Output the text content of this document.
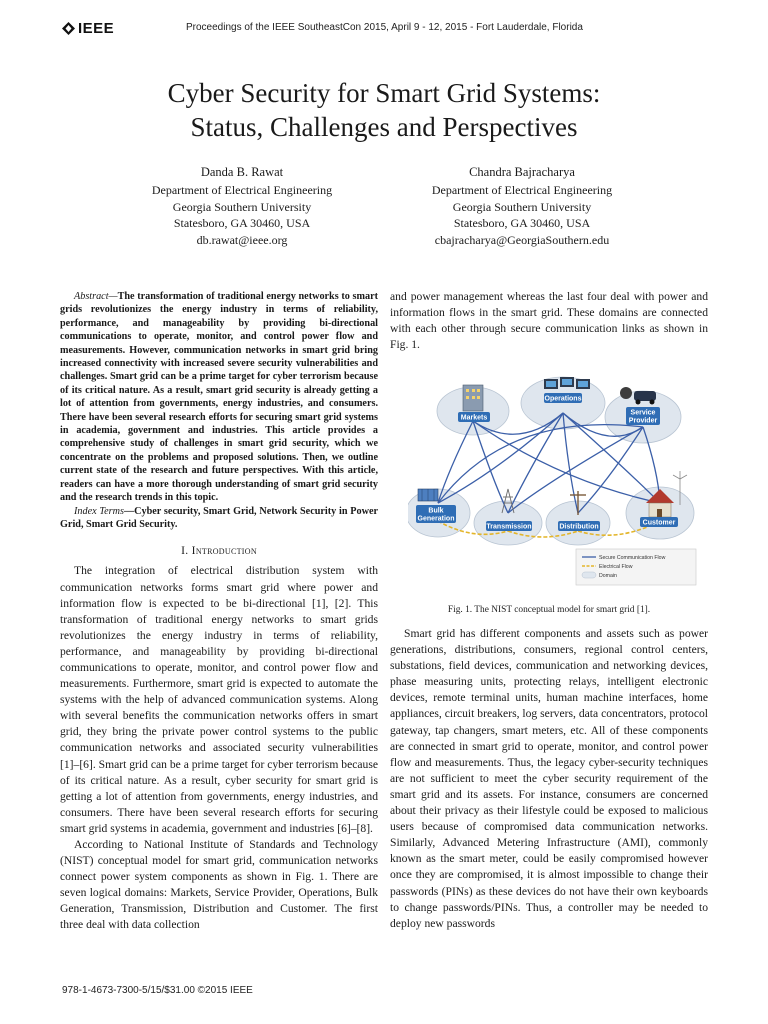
IEEE	Proceedings of the IEEE SoutheastCon 2015, April 9 - 12, 2015 - Fort Lauderdale, Florida
Cyber Security for Smart Grid Systems:
Status, Challenges and Perspectives
Danda B. Rawat
Department of Electrical Engineering
Georgia Southern University
Statesboro, GA 30460, USA
db.rawat@ieee.org
Chandra Bajracharya
Department of Electrical Engineering
Georgia Southern University
Statesboro, GA 30460, USA
cbajracharya@GeorgiaSouthern.edu

Abstract—The transformation of traditional energy networks to smart grids revolutionizes the energy industry in terms of reliability, performance, and manageability by providing bi-directional communications to operate, monitor, and control power flow and measurements. However, communication networks in smart grid bring increased connectivity with increased severe security vulnerabilities and challenges. Smart grid can be a prime target for cyber terrorism because of its critical nature. As a result, smart grid security is already getting a lot of attention from governments, energy industries, and consumers. There have been several research efforts for securing smart grid systems in academia, government and industries. This article provides a comprehensive study of challenges in smart grid security, which we concentrate on the problems and proposed solutions. Then, we outline current state of the research and future perspectives. With this article, readers can have a more thorough understanding of smart grid security and the research trends in this topic.

Index Terms—Cyber security, Smart Grid, Network Security in Power Grid, Smart Grid Security.
I. Introduction

The integration of electrical distribution system with communication networks forms smart grid where power and information flow is expected to be bi-directional [1], [2]. This transformation of traditional energy networks to smart grids revolutionizes the energy industry in terms of reliability, performance, and manageability by providing bi-directional communications to operate, monitor, and control power flow and measurements. Furthermore, smart grid is expected to automate the systems with the help of advanced communication systems. Along with several benefits the communication networks offers in smart grid, they bring the private power control systems to the public communication networks and associated security vulnerabilities [1]–[6]. Smart grid can be a prime target for cyber terrorism because of its critical nature. As a result, cyber security for smart grid is getting a lot of attention from governments, energy industries, and consumers. There have been several research efforts for securing smart grid systems in academia, government and industries [6]–[8].

According to National Institute of Standards and Technology (NIST) conceptual model for smart grid, communication networks connect power system components as shown in Fig. 1. There are seven logical domains: Markets, Service Provider, Operations, Bulk Generation, Transmission, Distribution and Customer. The first three deal with data collection

and power management whereas the last four deal with power and information flows in the smart grid. These domains are connected with each other through secure communication links as shown in Fig. 1.

Markets
Operations
Service
Provider
Bulk
Generation
Transmission	Distribution
Customer
Secure Communication Flow
Electrical Flow
Domain
Fig. 1. The NIST conceptual model for smart grid [1].

Smart grid has different components and assets such as power generations, distributions, consumers, regional control centers, substations, field devices, communication and networking devices, phase measuring units, protecting relays, intelligent electronic devices, remote terminal units, human machine interfaces, home appliances, circuit breakers, log servers, data concentrators, protocol gateway, tap changers, smart meters, etc. All of these components are connected in smart grid to operate, monitor, and control power flow and measurements. Thus, the legacy cyber-security techniques are not sufficient to meet the cyber security requirement of the smart grid and its assets. For instance, consumers are concerned about their privacy as their lifestyle could be exposed to malicious users because of compromised data communication networks. Similarly, Advanced Metering Infrastructure (AMI), commonly known as the smart meter, could be easily compromised however once they are compromised, it is almost impossible to change their passwords (PINs) as these devices do not have their own keyboards to change passwords/PINs. Thus, a controller may be needed to deploy new passwords

978-1-4673-7300-5/15/$31.00 ©2015 IEEE
